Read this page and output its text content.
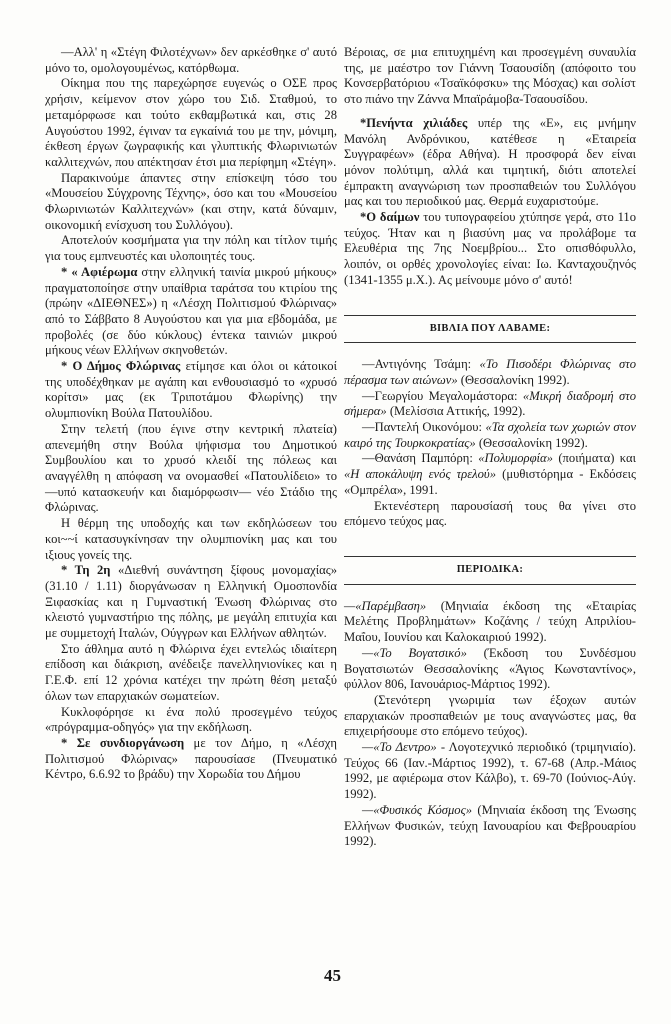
—Αλλ' η «Στέγη Φιλοτέχνων» δεν αρκέσθηκε σ' αυτό μόνο το, ομολογουμένως, κατόρθωμα.

Οίκημα που της παρεχώρησε ευγενώς ο ΟΣΕ προς χρήσιν, κείμενον στον χώρο του Σιδ. Σταθμού, το μεταμόρφωσε και τούτο εκθαμβωτικά και, στις 28 Αυγούστου 1992, έγιναν τα εγκαίνιά του με την, μόνιμη, έκθεση έργων ζωγραφικής και γλυπτικής Φλωρινιωτών καλλιτεχνών, που απέκτησαν έτσι μια περίφημη «Στέγη».

Παρακινούμε άπαντες στην επίσκεψη τόσο του «Μουσείου Σύγχρονης Τέχνης», όσο και του «Μουσείου Φλωρινιωτών Καλλιτεχνών» (και στην, κατά δύναμιν, οικονομική ενίσχυση του Συλλόγου).

Αποτελούν κοσμήματα για την πόλη και τίτλον τιμής για τους εμπνευστές και υλοποιητές τους.

* « Αφιέρωμα στην ελληνική ταινία μικρού μήκους» πραγματοποίησε στην υπαίθρια ταράτσα του κτιρίου της (πρώην «ΔΙΕΘΝΕΣ») η «Λέσχη Πολιτισμού Φλώρινας» από το Σάββατο 8 Αυγούστου και για μια εβδομάδα, με προβολές (σε δύο κύκλους) έντεκα ταινιών μικρού μήκους νέων Ελλήνων σκηνοθετών.

* Ο Δήμος Φλώρινας ετίμησε και όλοι οι κάτοικοί της υποδέχθηκαν με αγάπη και ενθουσιασμό το «χρυσό κορίτσι» μας (εκ Τριποτάμου Φλωρίνης) την ολυμπιονίκη Βούλα Πατουλίδου.

Στην τελετή (που έγινε στην κεντρική πλατεία) απενεμήθη στην Βούλα ψήφισμα του Δημοτικού Συμβουλίου και το χρυσό κλειδί της πόλεως και αναγγέλθη η απόφαση να ονομασθεί «Πατουλίδειο» το —υπό κατασκευήν και διαμόρφωσιν— νέο Στάδιο της Φλώρινας.

Η θέρμη της υποδοχής και των εκδηλώσεων του κοι~~ί κατασυγκίνησαν την ολυμπιονίκη μας και του ιξιους γονείς της.

* Τη 2η «Διεθνή συνάντηση ξίφους μονομαχίας» (31.10 / 1.11) διοργάνωσαν η Ελληνική Ομοσπονδία Ξιφασκίας και η Γυμναστική Ένωση Φλώρινας στο κλειστό γυμναστήριο της πόλης, με μεγάλη επιτυχία και με συμμετοχή Ιταλών, Ούγγρων και Ελλήνων αθλητών.

Στο άθλημα αυτό η Φλώρινα έχει εντελώς ιδιαίτερη επίδοση και διάκριση, ανέδειξε πανελληνιονίκες και η Γ.Ε.Φ. επί 12 χρόνια κατέχει την πρώτη θέση μεταξύ όλων των επαρχιακών σωματείων.

Κυκλοφόρησε κι ένα πολύ προσεγμένο τεύχος «πρόγραμμα-οδηγός» για την εκδήλωση.

* Σε συνδιοργάνωση με τον Δήμο, η «Λέσχη Πολιτισμού Φλώρινας» παρουσίασε (Πνευματικό Κέντρο, 6.6.92 το βράδυ) την Χορωδία του Δήμου

Βέροιας, σε μια επιτυχημένη και προσεγμένη συναυλία της, με μαέστρο τον Γιάννη Τσαουσίδη (απόφοιτο του Κονσερβατόριου «Τσαϊκόφσκυ» της Μόσχας) και σολίστ στο πιάνο την Ζάννα Μπαϊράμοβα-Τσαουσίδου.

*Πενήντα χιλιάδες υπέρ της «Ε», εις μνήμην Μανόλη Ανδρόνικου, κατέθεσε η «Εταιρεία Συγγραφέων» (έδρα Αθήνα). Η προσφορά δεν είναι μόνον πολύτιμη, αλλά και τιμητική, διότι αποτελεί έμπρακτη αναγνώριση των προσπαθειών του Συλλόγου μας και του περιοδικού μας. Θερμά ευχαριστούμε.

*Ο δαίμων του τυπογραφείου χτύπησε γερά, στο 11ο τεύχος. Ήταν και η βιασύνη μας να προλάβομε τα Ελευθέρια της 7ης Νοεμβρίου... Στο οπισθόφυλλο, λοιπόν, οι ορθές χρονολογίες είναι: Ιω. Κανταχουζηνός (1341-1355 μ.Χ.). Ας μείνουμε μόνο σ' αυτό!

ΒΙΒΛΙΑ ΠΟΥ ΛΑΒΑΜΕ:

—Αντιγόνης Τσάμη: «Το Πισοδέρι Φλώρινας στο πέρασμα των αιώνων» (Θεσσαλονίκη 1992).

—Γεωργίου Μεγαλομάστορα: «Μικρή διαδρομή στο σήμερα» (Μελίσσια Αττικής, 1992).

—Παντελή Οικονόμου: «Τα σχολεία των χωριών στον καιρό της Τουρκοκρατίας» (Θεσσαλονίκη 1992).

—Θανάση Παμπόρη: «Πολυμορφία» (ποιήματα) και «Η αποκάλυψη ενός τρελού» (μυθιστόρημα - Εκδόσεις «Ομπρέλα», 1991.

Εκτενέστερη παρουσίασή τους θα γίνει στο επόμενο τεύχος μας.

ΠΕΡΙΟΔΙΚΑ:

—«Παρέμβαση» (Μηνιαία έκδοση της «Εταιρίας Μελέτης Προβλημάτων» Κοζάνης / τεύχη Απριλίου-Μαΐου, Ιουνίου και Καλοκαιριού 1992).

—«Το Βογατσικό» (Έκδοση του Συνδέσμου Βογατσιωτών Θεσσαλονίκης «Άγιος Κωνσταντίνος», φύλλον 806, Ιανουάριος-Μάρτιος 1992).

(Στενότερη γνωριμία των έξοχων αυτών επαρχιακών προσπαθειών με τους αναγνώστες μας, θα επιχειρήσουμε στο επόμενο τεύχος).

—«Το Δεντρο» - Λογοτεχνικό περιοδικό (τριμηνιαίο). Τεύχος 66 (Ιαν.-Μάρτιος 1992), τ. 67-68 (Απρ.-Μάιος 1992, με αφιέρωμα στον Κάλβο), τ. 69-70 (Ιούνιος-Αύγ. 1992).

—«Φυσικός Κόσμος» (Μηνιαία έκδοση της Ένωσης Ελλήνων Φυσικών, τεύχη Ιανουαρίου και Φεβρουαρίου 1992).

45
